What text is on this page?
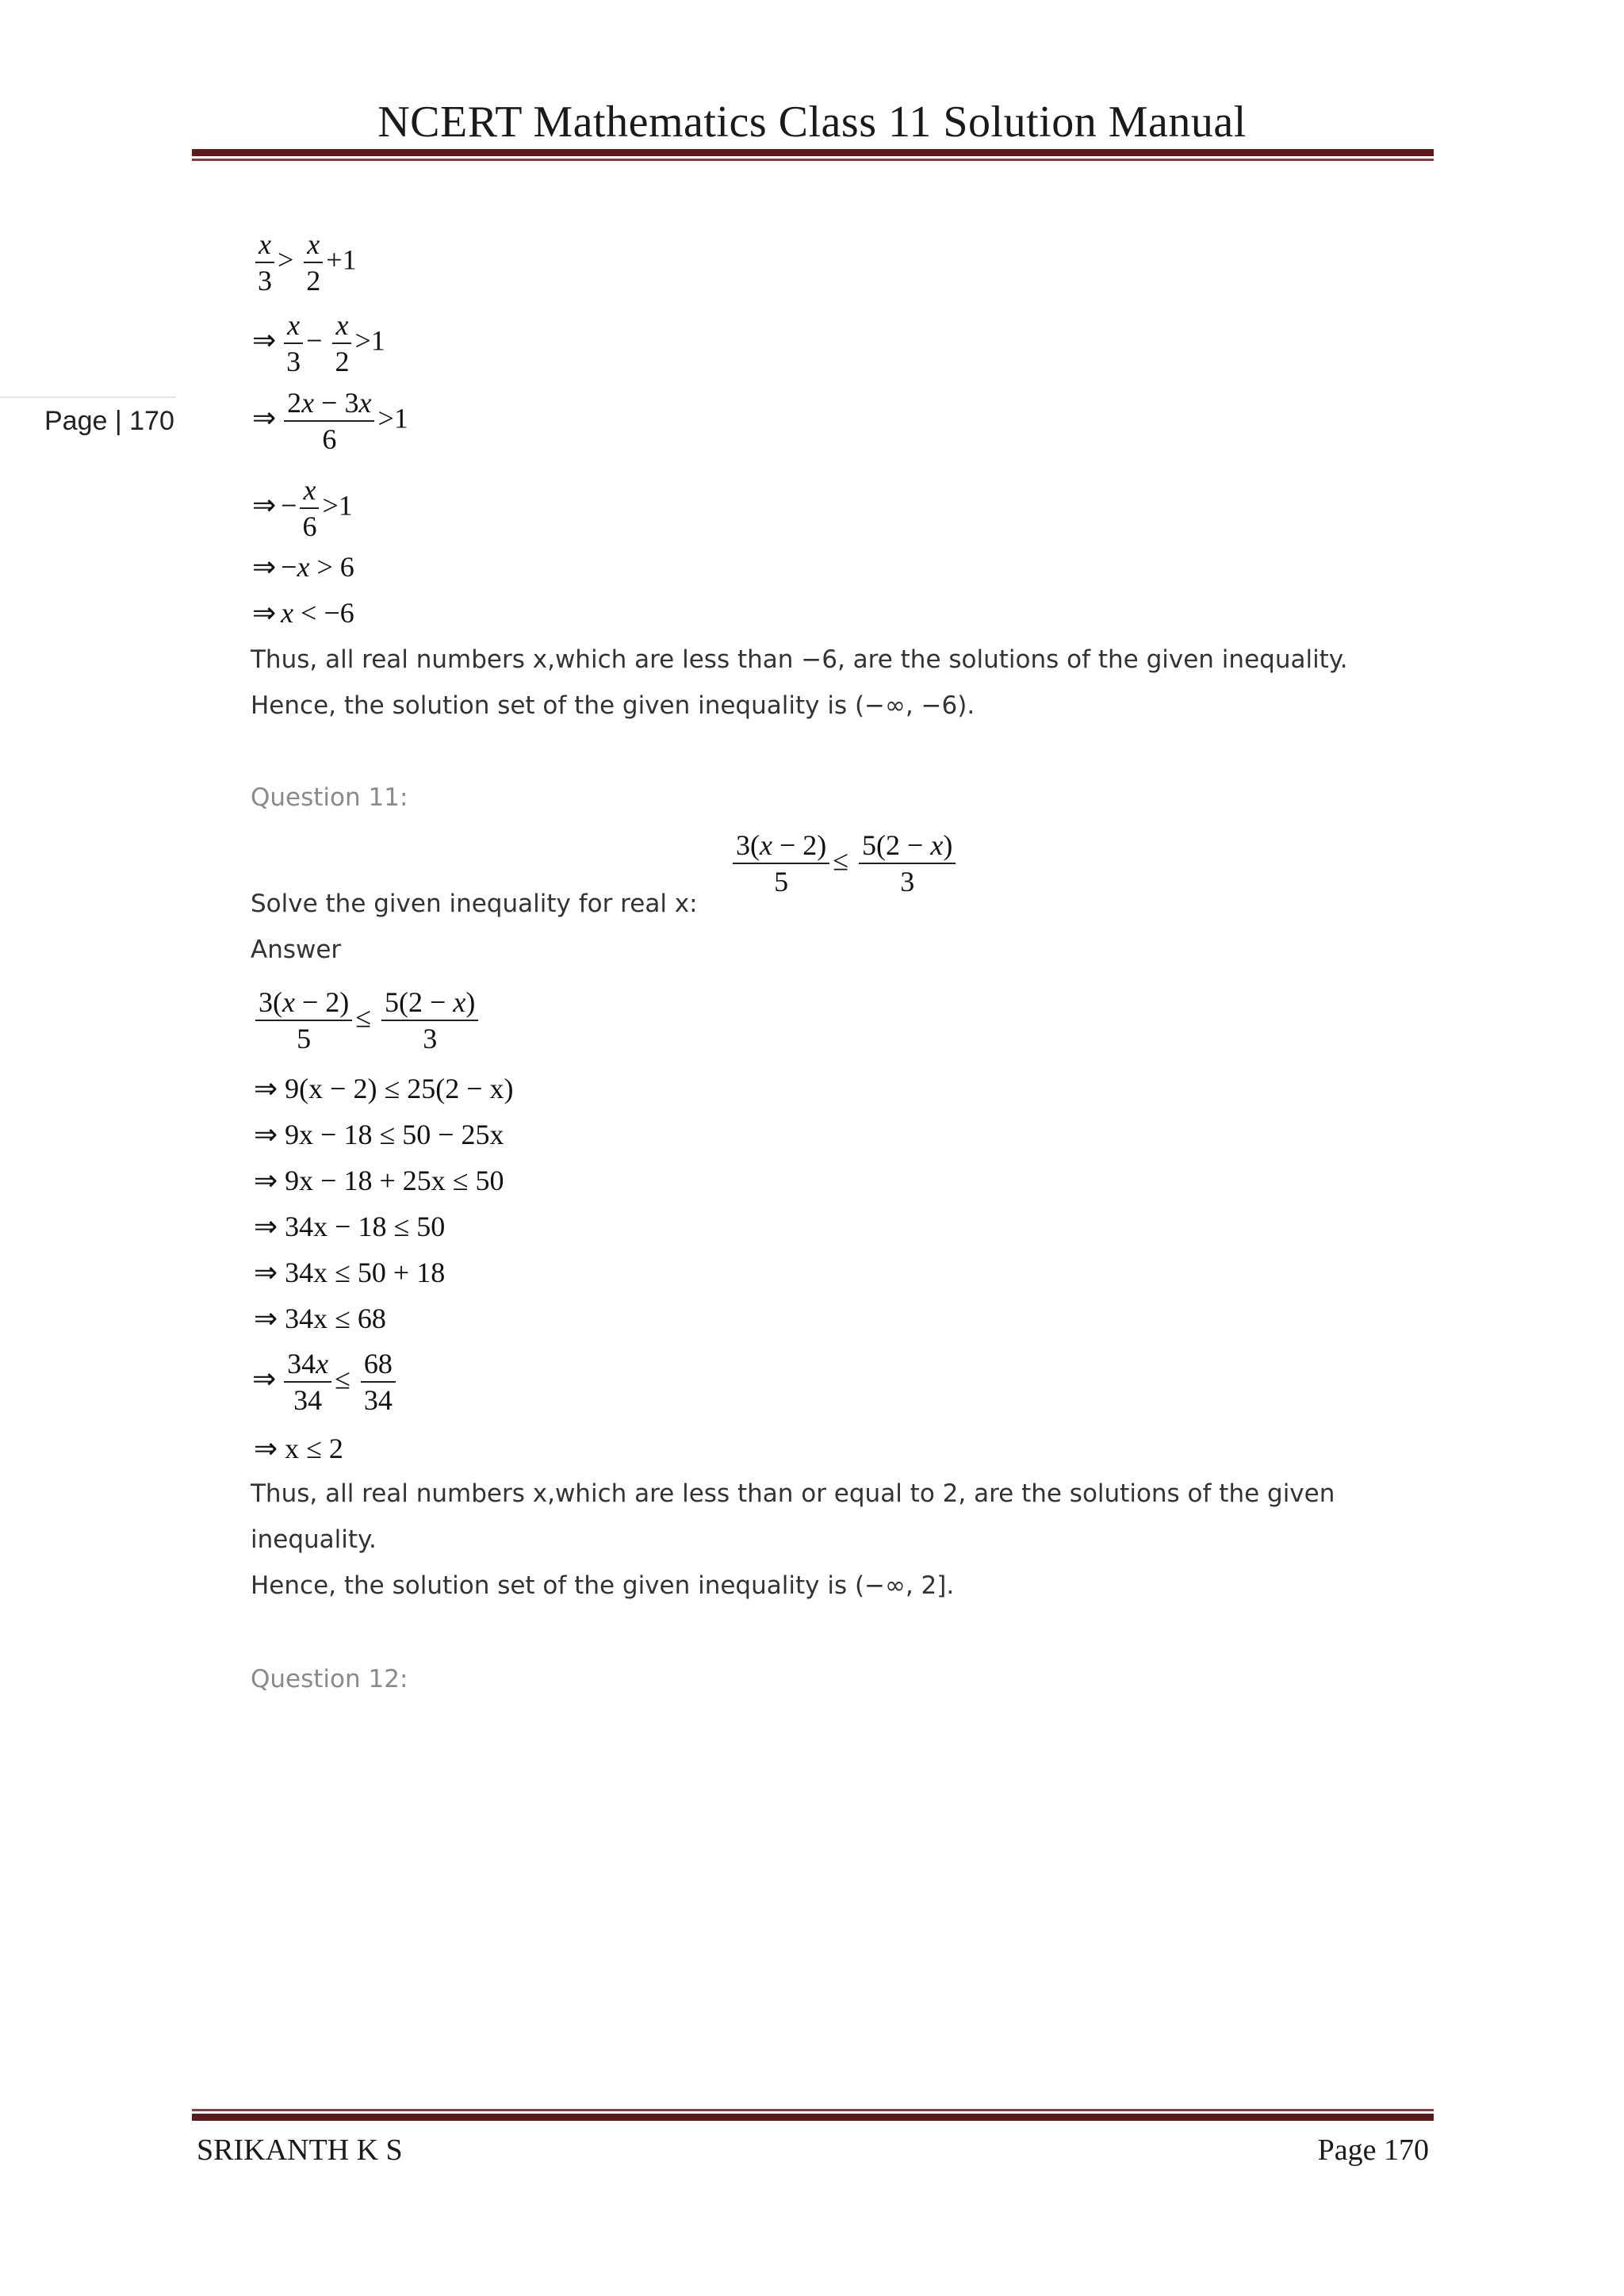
NCERT Mathematics Class 11 Solution Manual
Page | 170
$\frac{x}{3} > \frac{x}{2} +1$
⇒ $\frac{x}{3} - \frac{x}{2} >1$
⇒ $\frac{2x - 3x}{6} >1$
⇒ − $\frac{x}{6} >1$
⇒ −x > 6
⇒ x < −6
Thus, all real numbers x,which are less than −6, are the solutions of the given inequality.
Hence, the solution set of the given inequality is (−∞, −6).
Question 11:
Solve the given inequality for real x:
$\frac{3(x - 2)}{5} \le \frac{5(2 - x)}{3}$
Answer
$\frac{3(x - 2)}{5} \le \frac{5(2 - x)}{3}$
⇒ 9(x − 2) ≤ 25(2 − x)
⇒ 9x − 18 ≤ 50 − 25x
⇒ 9x − 18 + 25x ≤ 50
⇒ 34x − 18 ≤ 50
⇒ 34x ≤ 50 + 18
⇒ 34x ≤ 68
⇒ $\frac{34x}{34} \le \frac{68}{34}$
⇒ x ≤ 2
Thus, all real numbers x,which are less than or equal to 2, are the solutions of the given
inequality.
Hence, the solution set of the given inequality is (−∞, 2].
Question 12:
SRIKANTH K S	Page 170
